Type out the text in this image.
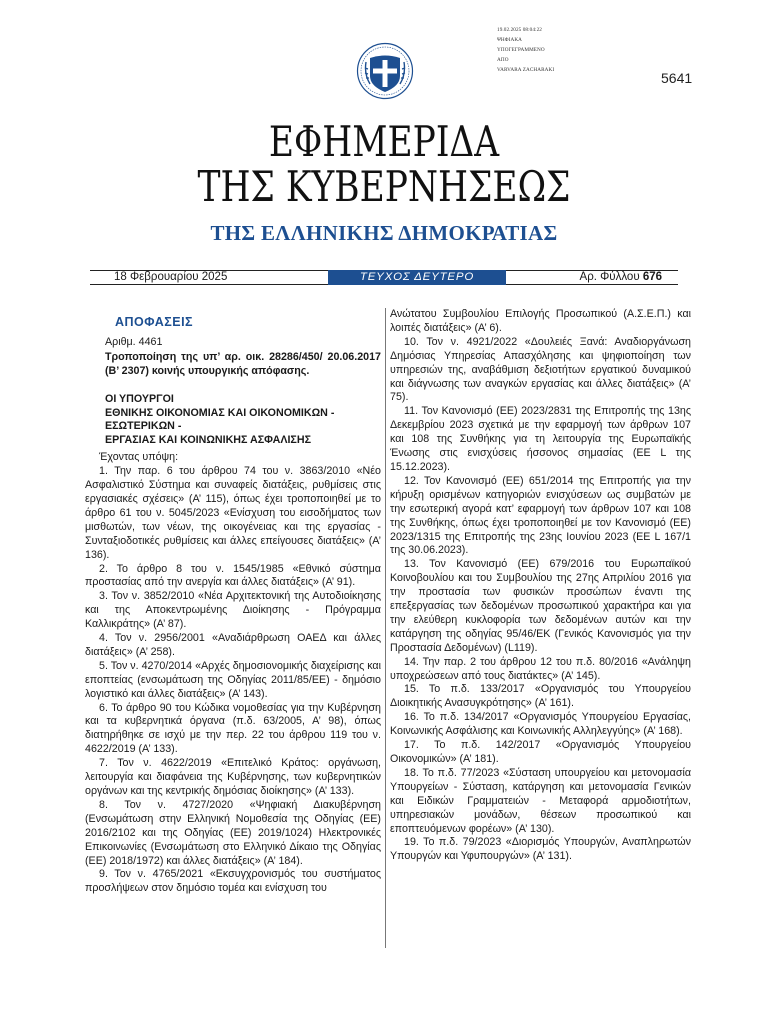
19.02.2025 08:04:22
ΨΗΦΙΑΚΑ
ΥΠΟΓΕΓΡΑΜΜΕΝΟ
ΑΠΟ
VARVARA ZACHARAKI	5641
ΕΦΗΜΕΡΙΔΑ
ΤΗΣ ΚΥΒΕΡΝΗΣΕΩΣ
ΤΗΣ ΕΛΛΗΝΙΚΗΣ ΔΗΜΟΚΡΑΤΙΑΣ
18 Φεβρουαρίου 2025	ΤΕΥΧΟΣ ΔΕΥΤΕΡΟ	Αρ. Φύλλου 676
ΑΠΟΦΑΣΕΙΣ
Αριθμ. 4461
Τροποποίηση της υπ’ αρ. οικ. 28286/450/ 20.06.2017 (Β’ 2307) κοινής υπουργικής απόφασης.
ΟΙ ΥΠΟΥΡΓΟΙ
ΕΘΝΙΚΗΣ ΟΙΚΟΝΟΜΙΑΣ ΚΑΙ ΟΙΚΟΝΟΜΙΚΩΝ -
ΕΣΩΤΕΡΙΚΩΝ -
ΕΡΓΑΣΙΑΣ ΚΑΙ ΚΟΙΝΩΝΙΚΗΣ ΑΣΦΑΛΙΣΗΣ

Έχοντας υπόψη:

1. Την παρ. 6 του άρθρου 74 του ν. 3863/2010 «Νέο Ασφαλιστικό Σύστημα και συναφείς διατάξεις, ρυθμίσεις στις εργασιακές σχέσεις» (Α’ 115), όπως έχει τροποποιηθεί με το άρθρο 61 του ν. 5045/2023 «Ενίσχυση του εισοδήματος των μισθωτών, των νέων, της οικογένειας και της εργασίας - Συνταξιοδοτικές ρυθμίσεις και άλλες επείγουσες διατάξεις» (Α’ 136).

2. Το άρθρο 8 του ν. 1545/1985 «Εθνικό σύστημα προστασίας από την ανεργία και άλλες διατάξεις» (Α’ 91).

3. Τον ν. 3852/2010 «Νέα Αρχιτεκτονική της Αυτοδιοίκησης και της Αποκεντρωμένης Διοίκησης - Πρόγραμμα Καλλικράτης» (Α’ 87).

4. Τον ν. 2956/2001 «Αναδιάρθρωση ΟΑΕΔ και άλλες διατάξεις» (Α’ 258).

5. Τον ν. 4270/2014 «Αρχές δημοσιονομικής διαχείρισης και εποπτείας (ενσωμάτωση της Οδηγίας 2011/85/ΕΕ) - δημόσιο λογιστικό και άλλες διατάξεις» (Α’ 143).

6. Το άρθρο 90 του Κώδικα νομοθεσίας για την Κυβέρνηση και τα κυβερνητικά όργανα (π.δ. 63/2005, Α’ 98), όπως διατηρήθηκε σε ισχύ με την περ. 22 του άρθρου 119 του ν. 4622/2019 (Α’ 133).

7. Τον ν. 4622/2019 «Επιτελικό Κράτος: οργάνωση, λειτουργία και διαφάνεια της Κυβέρνησης, των κυβερνητικών οργάνων και της κεντρικής δημόσιας διοίκησης» (Α’ 133).

8. Τον ν. 4727/2020 «Ψηφιακή Διακυβέρνηση (Ενσωμάτωση στην Ελληνική Νομοθεσία της Οδηγίας (ΕΕ) 2016/2102 και της Οδηγίας (ΕΕ) 2019/1024) Ηλεκτρονικές Επικοινωνίες (Ενσωμάτωση στο Ελληνικό Δίκαιο της Οδηγίας (ΕΕ) 2018/1972) και άλλες διατάξεις» (Α’ 184).

9. Τον ν. 4765/2021 «Εκσυγχρονισμός του συστήματος προσλήψεων στον δημόσιο τομέα και ενίσχυση του

Ανώτατου Συμβουλίου Επιλογής Προσωπικού (Α.Σ.Ε.Π.) και λοιπές διατάξεις» (Α’ 6).

10. Τον ν. 4921/2022 «Δουλειές Ξανά: Αναδιοργάνωση Δημόσιας Υπηρεσίας Απασχόλησης και ψηφιοποίηση των υπηρεσιών της, αναβάθμιση δεξιοτήτων εργατικού δυναμικού και διάγνωσης των αναγκών εργασίας και άλλες διατάξεις» (Α’ 75).

11. Τον Κανονισμό (ΕΕ) 2023/2831 της Επιτροπής της 13ης Δεκεμβρίου 2023 σχετικά με την εφαρμογή των άρθρων 107 και 108 της Συνθήκης για τη λειτουργία της Ευρωπαϊκής Ένωσης στις ενισχύσεις ήσσονος σημασίας (EE L της 15.12.2023).

12. Τον Κανονισμό (ΕΕ) 651/2014 της Επιτροπής για την κήρυξη ορισμένων κατηγοριών ενισχύσεων ως συμβατών με την εσωτερική αγορά κατ’ εφαρμογή των άρθρων 107 και 108 της Συνθήκης, όπως έχει τροποποιηθεί με τον Κανονισμό (ΕΕ) 2023/1315 της Επιτροπής της 23ης Ιουνίου 2023 (EE L 167/1 της 30.06.2023).

13. Τον Κανονισμό (ΕΕ) 679/2016 του Ευρωπαϊκού Κοινοβουλίου και του Συμβουλίου της 27ης Απριλίου 2016 για την προστασία των φυσικών προσώπων έναντι της επεξεργασίας των δεδομένων προσωπικού χαρακτήρα και για την ελεύθερη κυκλοφορία των δεδομένων αυτών και την κατάργηση της οδηγίας 95/46/ΕΚ (Γενικός Κανονισμός για την Προστασία Δεδομένων) (L119).

14. Την παρ. 2 του άρθρου 12 του π.δ. 80/2016 «Ανάληψη υποχρεώσεων από τους διατάκτες» (Α’ 145).

15. Το π.δ. 133/2017 «Οργανισμός του Υπουργείου Διοικητικής Ανασυγκρότησης» (Α’ 161).

16. Το π.δ. 134/2017 «Οργανισμός Υπουργείου Εργασίας, Κοινωνικής Ασφάλισης και Κοινωνικής Αλληλεγγύης» (Α’ 168).

17. Το π.δ. 142/2017 «Οργανισμός Υπουργείου Οικονομικών» (Α’ 181).

18. Το π.δ. 77/2023 «Σύσταση υπουργείου και μετονομασία Υπουργείων - Σύσταση, κατάργηση και μετονομασία Γενικών και Ειδικών Γραμματειών - Μεταφορά αρμοδιοτήτων, υπηρεσιακών μονάδων, θέσεων προσωπικού και εποπτευόμενων φορέων» (Α’ 130).

19. Το π.δ. 79/2023 «Διορισμός Υπουργών, Αναπληρωτών Υπουργών και Υφυπουργών» (Α’ 131).
